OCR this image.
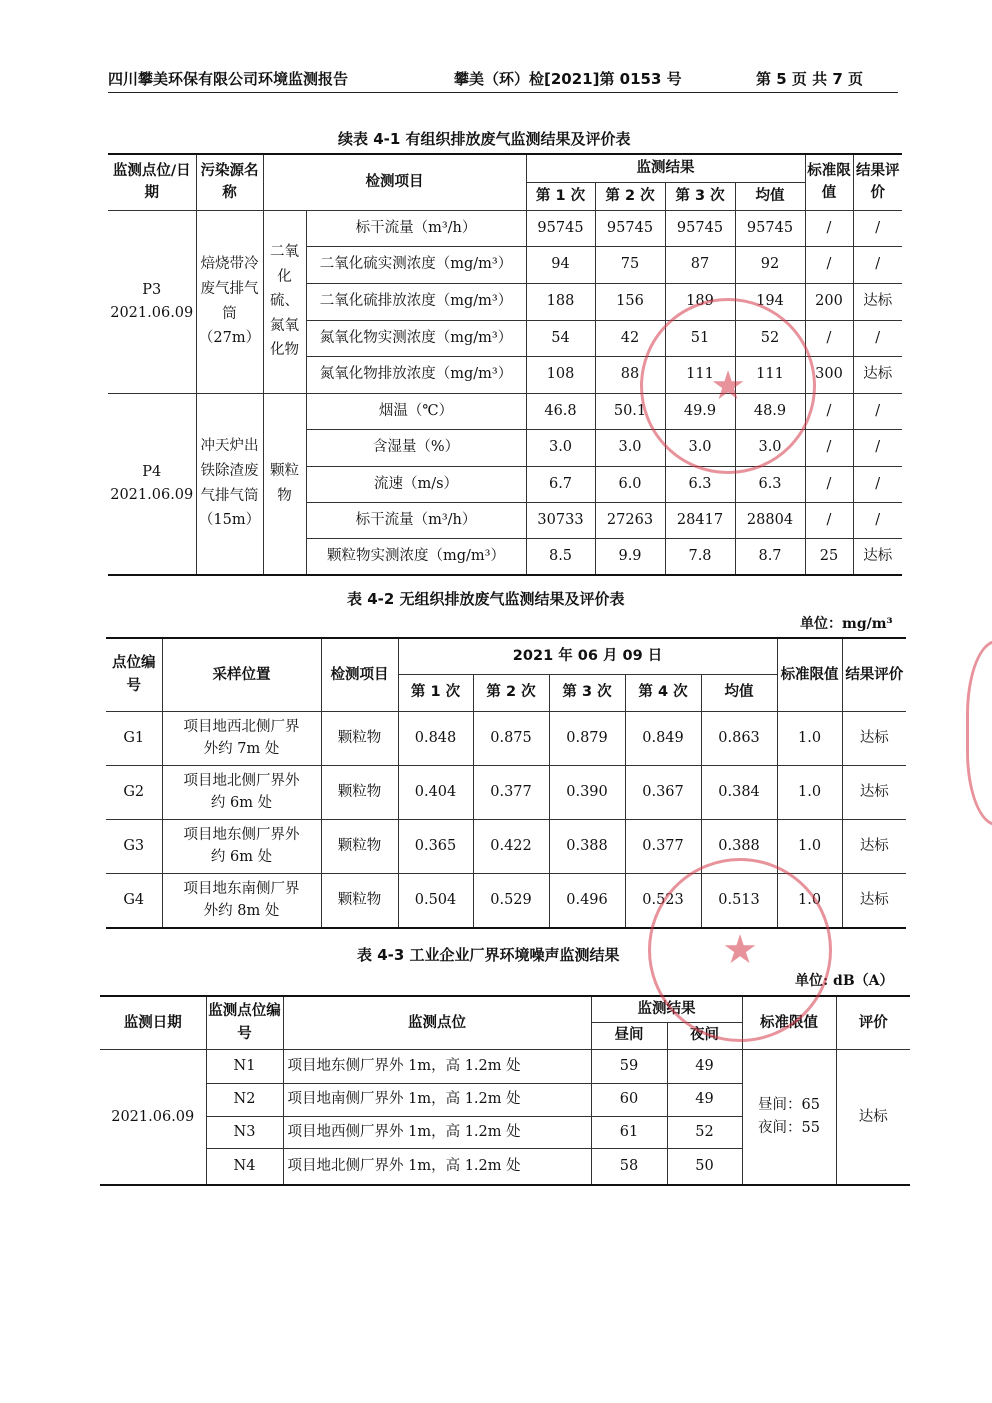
四川攀美环保有限公司环境监测报告	攀美（环）检[2021]第 0153 号	第 5 页 共 7 页
续表 4-1 有组织排放废气监测结果及评价表
监测点位/日期	污染源名称	检测项目		监测结果				标准限值	结果评价
				第 1 次	第 2 次	第 3 次	均值		
P3
2021.06.09	焙烧带冷废气排气筒（27m）	二氧化硫、氮氧化物	标干流量（m³/h）	95745	95745	95745	95745	/	/
			二氧化硫实测浓度（mg/m³）	94	75	87	92	/	/
			二氧化硫排放浓度（mg/m³）	188	156	189	194	200	达标
			氮氧化物实测浓度（mg/m³）	54	42	51	52	/	/
			氮氧化物排放浓度（mg/m³）	108	88	111	111	300	达标
P4
2021.06.09	冲天炉出铁除渣废气排气筒（15m）	颗粒物	烟温（℃）	46.8	50.1	49.9	48.9	/	/
			含湿量（%）	3.0	3.0	3.0	3.0	/	/
			流速（m/s）	6.7	6.0	6.3	6.3	/	/
			标干流量（m³/h）	30733	27263	28417	28804	/	/
			颗粒物实测浓度（mg/m³）	8.5	9.9	7.8	8.7	25	达标
表 4-2 无组织排放废气监测结果及评价表
单位：mg/m³
点位编号	采样位置	检测项目	2021 年 06 月 09 日					标准限值	结果评价
			第 1 次	第 2 次	第 3 次	第 4 次	均值		
G1	项目地西北侧厂界
外约 7m 处	颗粒物	0.848	0.875	0.879	0.849	0.863	1.0	达标
G2	项目地北侧厂界外
约 6m 处	颗粒物	0.404	0.377	0.390	0.367	0.384	1.0	达标
G3	项目地东侧厂界外
约 6m 处	颗粒物	0.365	0.422	0.388	0.377	0.388	1.0	达标
G4	项目地东南侧厂界
外约 8m 处	颗粒物	0.504	0.529	0.496	0.523	0.513	1.0	达标
表 4-3 工业企业厂界环境噪声监测结果
单位: dB（A）
监测日期	监测点位编号	监测点位	监测结果		标准限值	评价
			昼间	夜间		
2021.06.09	N1	项目地东侧厂界外 1m，高 1.2m 处	59	49	昼间：65
夜间：55	达标
	N2	项目地南侧厂界外 1m，高 1.2m 处	60	49		
	N3	项目地西侧厂界外 1m，高 1.2m 处	61	52		
	N4	项目地北侧厂界外 1m，高 1.2m 处	58	50		
★
★
